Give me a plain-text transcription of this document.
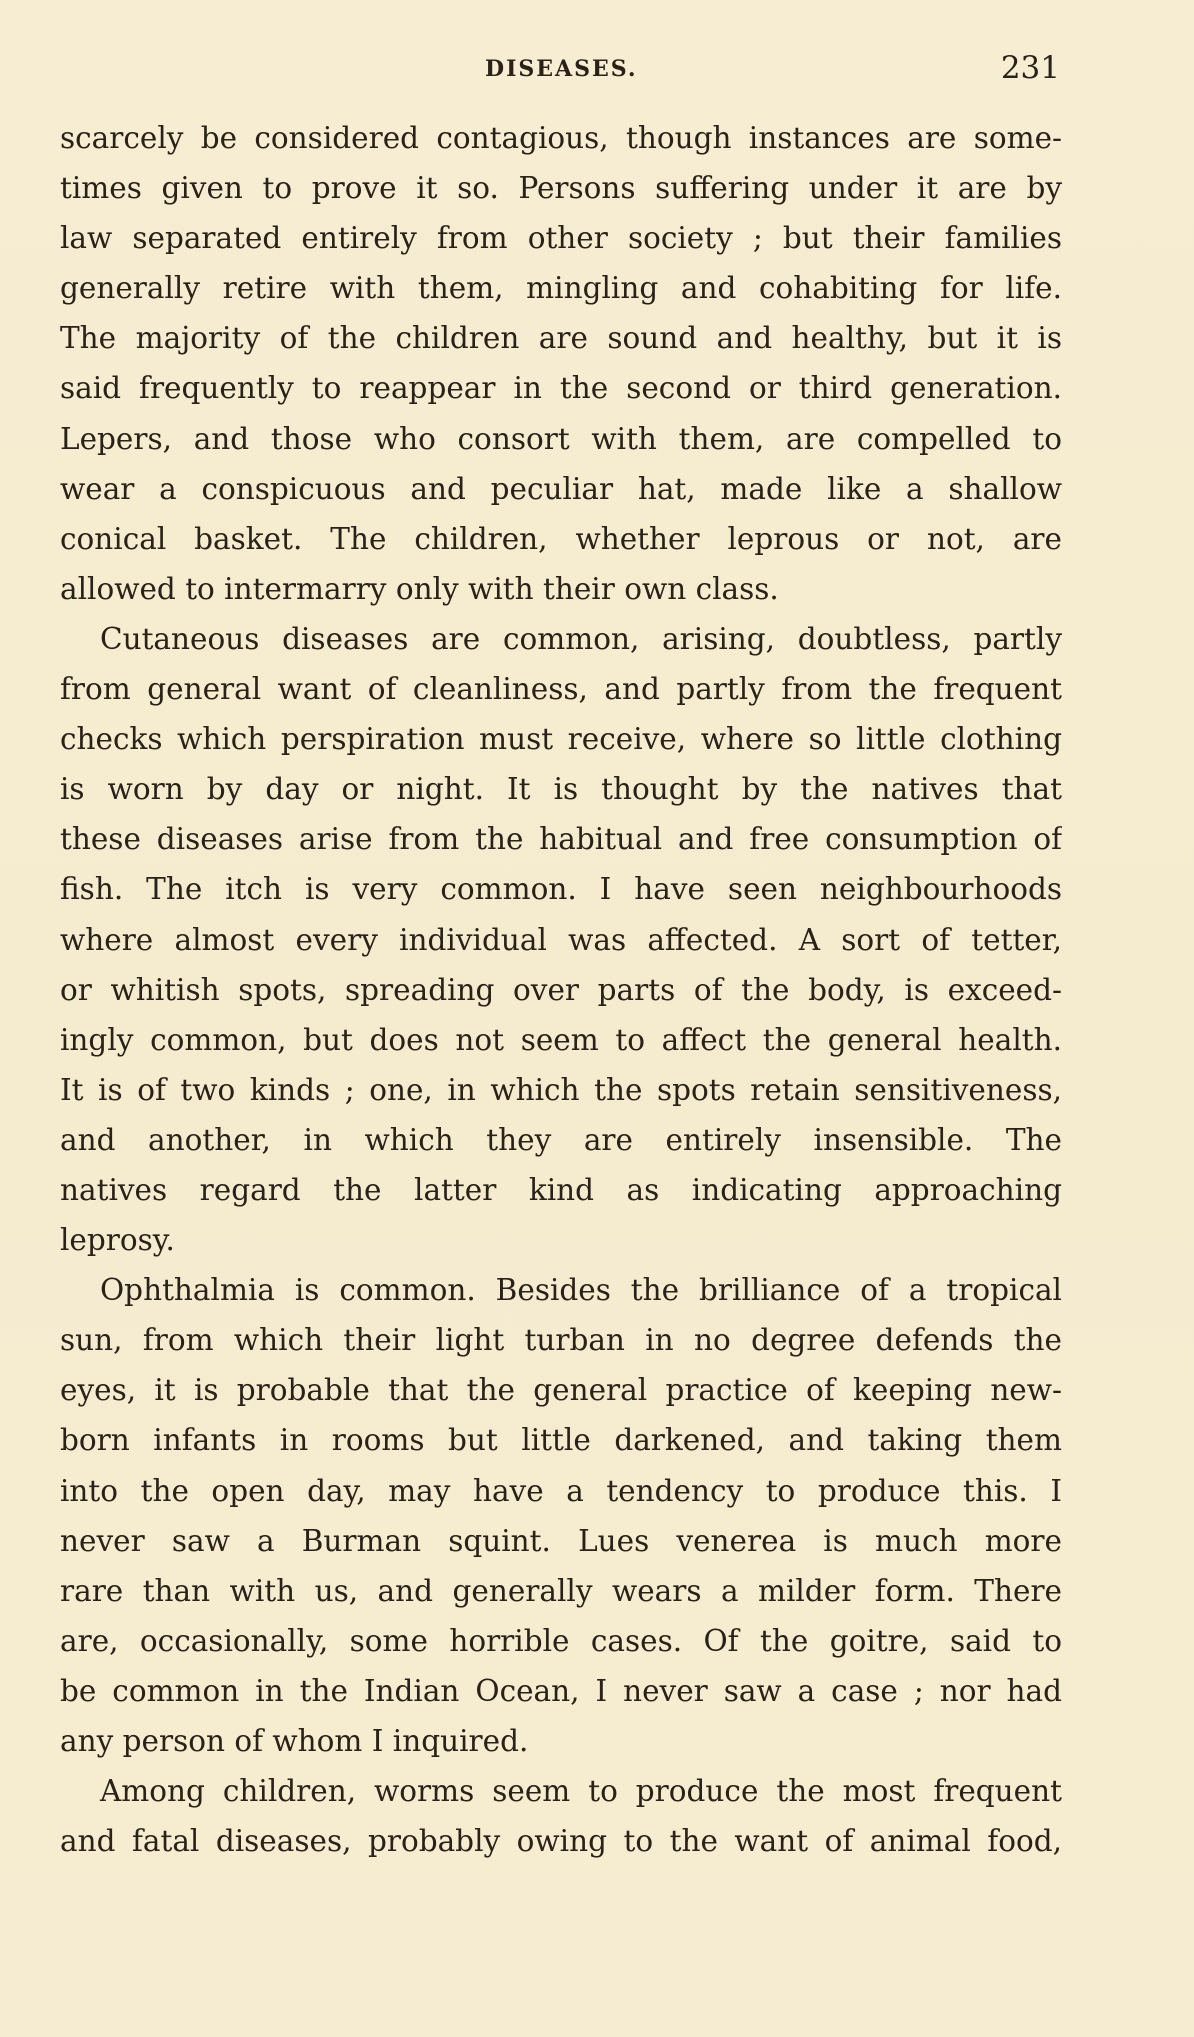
DISEASES.	231
scarcely be considered contagious, though instances are some-
times given to prove it so. Persons suffering under it are by
law separated entirely from other society ; but their families
generally retire with them, mingling and cohabiting for life.
The majority of the children are sound and healthy, but it is
said frequently to reappear in the second or third generation.
Lepers, and those who consort with them, are compelled to
wear a conspicuous and peculiar hat, made like a shallow
conical basket. The children, whether leprous or not, are
allowed to intermarry only with their own class.
Cutaneous diseases are common, arising, doubtless, partly
from general want of cleanliness, and partly from the frequent
checks which perspiration must receive, where so little clothing
is worn by day or night. It is thought by the natives that
these diseases arise from the habitual and free consumption of
fish. The itch is very common. I have seen neighbourhoods
where almost every individual was affected. A sort of tetter,
or whitish spots, spreading over parts of the body, is exceed-
ingly common, but does not seem to affect the general health.
It is of two kinds ; one, in which the spots retain sensitiveness,
and another, in which they are entirely insensible. The
natives regard the latter kind as indicating approaching
leprosy.
Ophthalmia is common. Besides the brilliance of a tropical
sun, from which their light turban in no degree defends the
eyes, it is probable that the general practice of keeping new-
born infants in rooms but little darkened, and taking them
into the open day, may have a tendency to produce this. I
never saw a Burman squint. Lues venerea is much more
rare than with us, and generally wears a milder form. There
are, occasionally, some horrible cases. Of the goitre, said to
be common in the Indian Ocean, I never saw a case ; nor had
any person of whom I inquired.
Among children, worms seem to produce the most frequent
and fatal diseases, probably owing to the want of animal food,
